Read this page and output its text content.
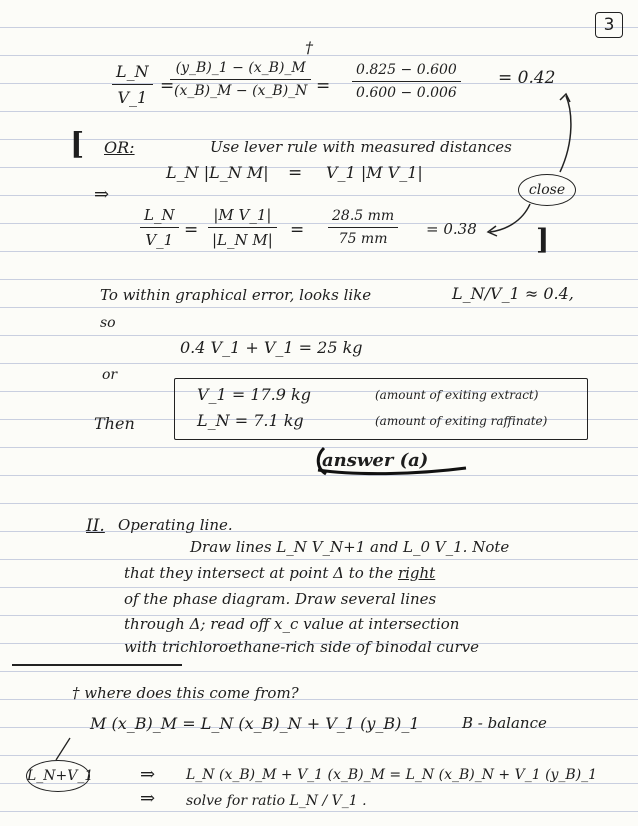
3
†
$\frac{L\_N}{V\_1}$ =
$\frac{(y\_B)\_1 - (x\_B)\_M}{(x\_B)\_M - (x\_B)\_N} = \frac{0.825 - 0.600}{0.600 - 0.006} = 0.42$
[ OR:	Use lever rule with measured distances
L_N |L_N M| = V_1 |M V_1|
⇒
$\frac{L\_N}{V\_1} = \frac{\text{|M V\_1|}}{\text{|L\_N M|}} = \frac{28.5 mm}{75 mm} = 0.38$ ]
close
To within graphical error, looks like	L_N/V_1 ≈ 0.4,
so
0.4 V_1 + V_1 = 25 kg
or
Then
V_1 = 17.9 kg	(amount of exiting extract)
L_N = 7.1 kg	(amount of exiting raffinate)
answer (a)
II. Operating line.
Draw lines L_N V_N+1 and L_0 V_1. Note
that they intersect at point Δ to the right
of the phase diagram. Draw several lines
through Δ; read off x_c value at intersection
with trichloroethane-rich side of binodal curve
† where does this come from?
M (x_B)_M = L_N (x_B)_N + V_1 (y_B)_1	B - balance
L_N+V_1	⇒ L_N (x_B)_M + V_1 (x_B)_M = L_N (x_B)_N + V_1 (y_B)_1
⇒ solve for ratio L_N / V_1 .
